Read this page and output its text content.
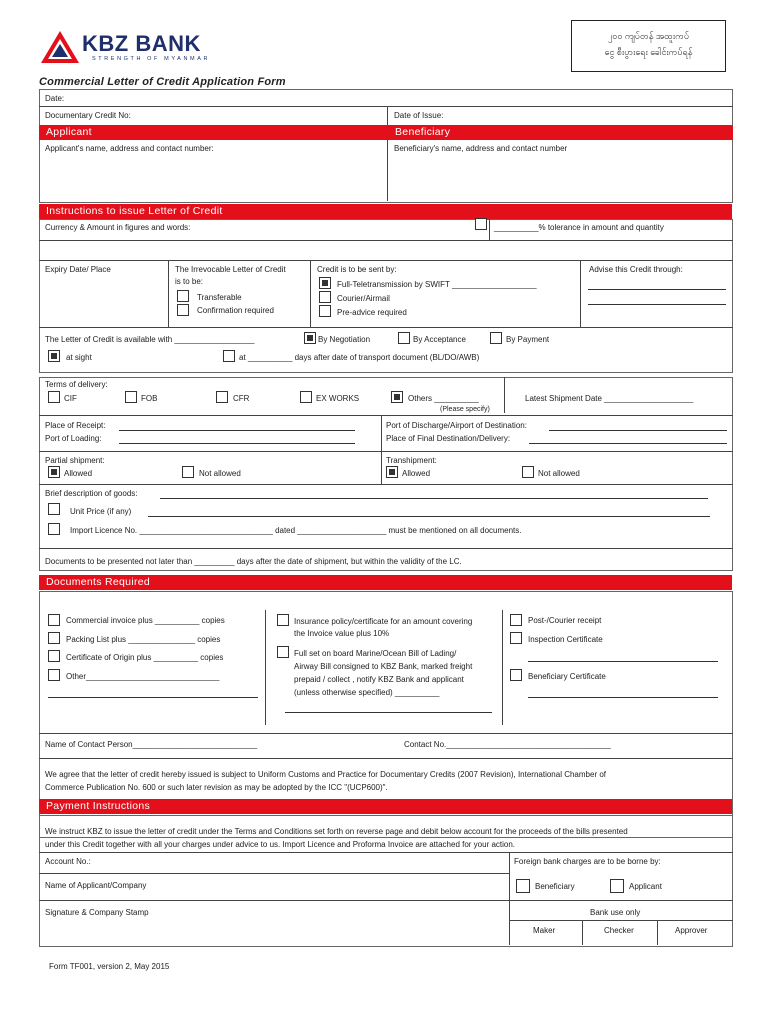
KBZ BANK
STRENGTH OF MYANMAR
၂၀၀ ကျပ်တန် အထူးကပ်
ငွေ စီးပွားရေး ခေါင်းကပ်ရန်
Commercial Letter of Credit Application Form
Date:
Documentary Credit No:	Date of Issue:
Applicant	Beneficiary
Applicant's name, address and contact number:	Beneficiary's name, address and contact number
Instructions to issue Letter of Credit
Currency & Amount in figures and words:	__________% tolerance in amount and quantity
Expiry Date/ Place	The Irrevocable Letter of Credit
is to be:
Transferable
Confirmation required
Credit is to be sent by:
Full-Teletransmission by SWIFT ___________________
Courier/Airmail
Pre-advice required
Advise this Credit through:
The Letter of Credit is available with __________________	By Negotiation	By Acceptance	By Payment
at sight	at __________ days after date of transport document (BL/DO/AWB)
Terms of delivery:
CIF	FOB	CFR	EX WORKS	Others __________
(Please specify)
Latest Shipment Date ____________________
Place of Receipt:
Port of Loading:
Port of Discharge/Airport of Destination:
Place of Final Destination/Delivery:
Partial shipment:
Allowed	Not allowed
Transhipment:
Allowed	Not allowed
Brief description of goods:
Unit Price (if any)
Import Licence No. ______________________________ dated ____________________ must be mentioned on all documents.
Documents to be presented not later than _________ days after the date of shipment, but within the validity of the LC.
Documents Required
Commercial invoice plus __________ copies
Packing List plus _______________ copies
Certificate of Origin plus __________ copies
Other______________________________
Insurance policy/certificate for an amount covering
the Invoice value plus 10%
Full set on board Marine/Ocean Bill of Lading/
Airway Bill consigned to KBZ Bank, marked freight
prepaid / collect , notify KBZ Bank and applicant
(unless otherwise specified) __________
Post-/Courier receipt
Inspection Certificate
Beneficiary Certificate
Name of Contact Person____________________________	Contact No._____________________________________
We agree that the letter of credit hereby issued is subject to Uniform Customs and Practice for Documentary Credits (2007 Revision), International Chamber of
Commerce Publication No. 600 or such later revision as may be adopted by the ICC "(UCP600)".
Payment Instructions
We instruct KBZ to issue the letter of credit under the Terms and Conditions set forth on reverse page and debit below account for the proceeds of the bills presented
under this Credit together with all your charges under advice to us. Import Licence and Proforma Invoice are attached for your action.
Account No.:	Foreign bank charges are to be borne by:
Name of Applicant/Company	Beneficiary	Applicant
Signature & Company Stamp	Bank use only
Maker	Checker	Approver
Form TF001, version 2, May 2015
